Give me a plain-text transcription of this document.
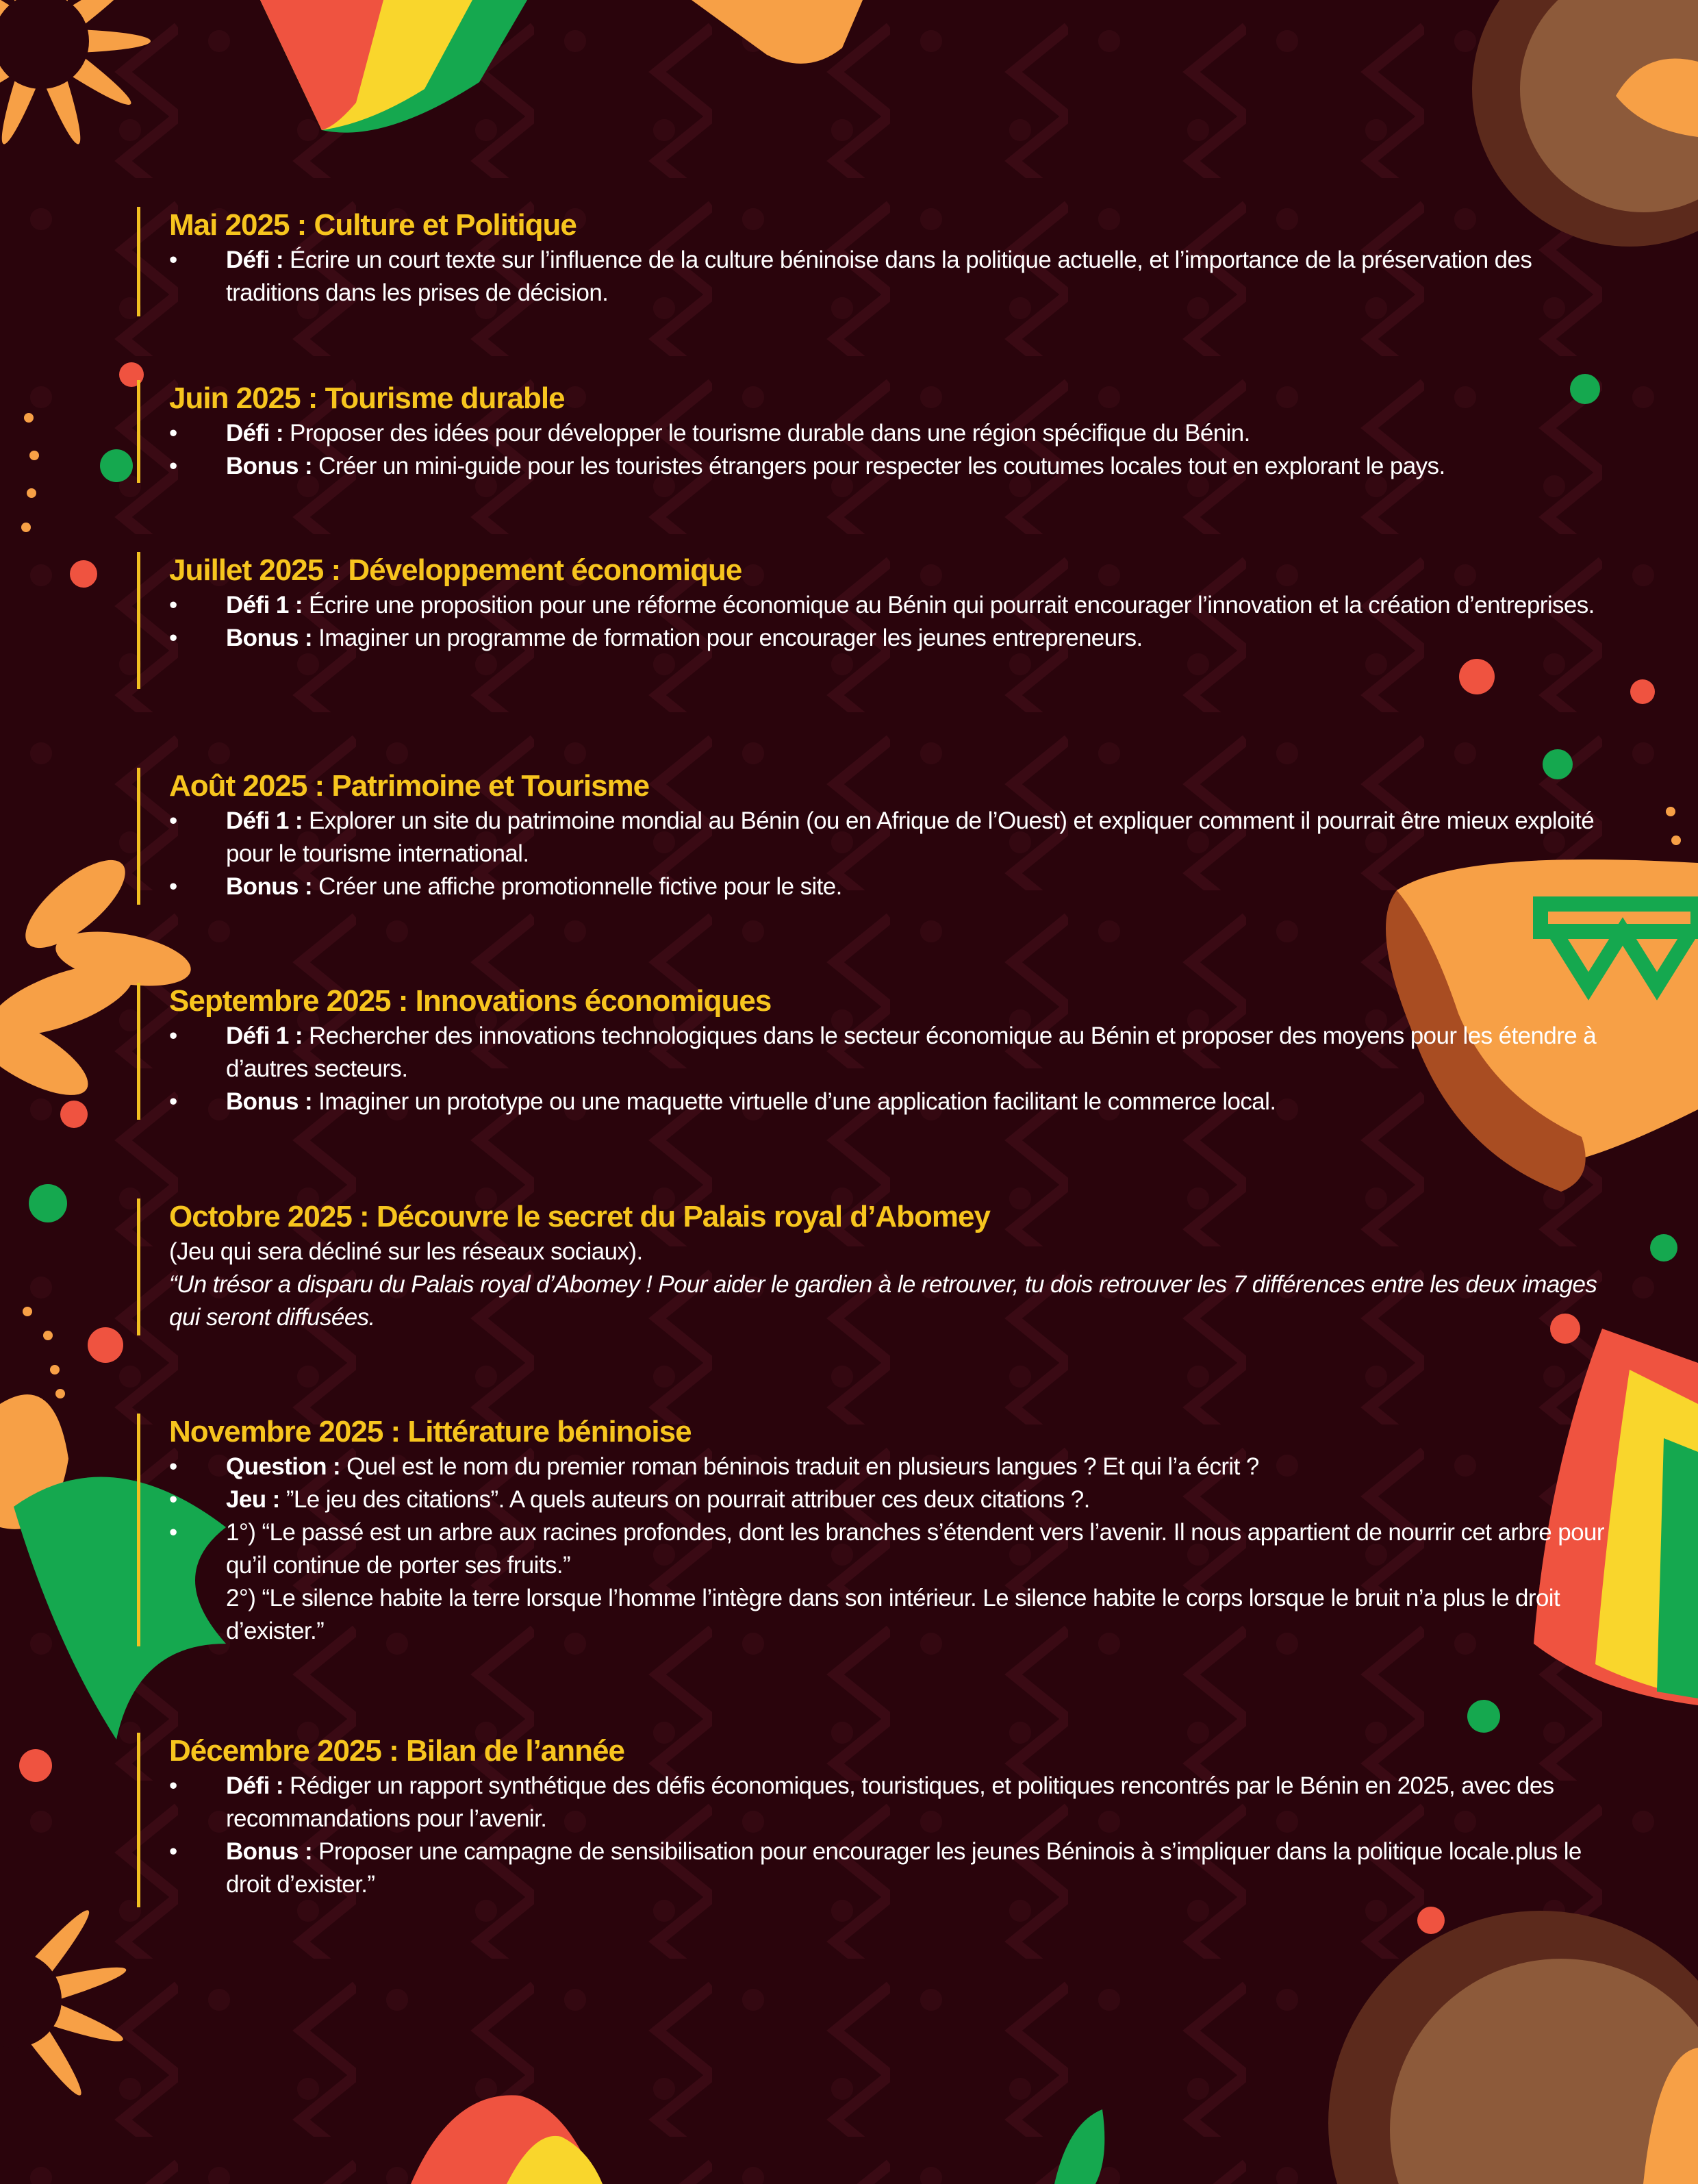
Mai 2025 : Culture et Politique
• Défi : Écrire un court texte sur l’influence de la culture béninoise dans la politique actuelle, et l’importance de la préservation des traditions dans les prises de décision.
Juin 2025 : Tourisme durable
• Défi : Proposer des idées pour développer le tourisme durable dans une région spécifique du Bénin.
• Bonus : Créer un mini-guide pour les touristes étrangers pour respecter les coutumes locales tout en explorant le pays.
Juillet 2025 : Développement économique
• Défi 1 : Écrire une proposition pour une réforme économique au Bénin qui pourrait encourager l’innovation et la création d’entreprises.
• Bonus : Imaginer un programme de formation pour encourager les jeunes entrepreneurs.
Août 2025 : Patrimoine et Tourisme
• Défi 1 : Explorer un site du patrimoine mondial au Bénin (ou en Afrique de l’Ouest) et expliquer comment il pourrait être mieux exploité pour le tourisme international.
• Bonus : Créer une affiche promotionnelle fictive pour le site.
Septembre 2025 : Innovations économiques
• Défi 1 : Rechercher des innovations technologiques dans le secteur économique au Bénin et proposer des moyens pour les étendre à d’autres secteurs.
• Bonus : Imaginer un prototype ou une maquette virtuelle d’une application facilitant le commerce local.
Octobre 2025 : Découvre le secret du Palais royal d’Abomey

(Jeu qui sera décliné sur les réseaux sociaux).

“Un trésor a disparu du Palais royal d’Abomey ! Pour aider le gardien à le retrouver, tu dois retrouver les 7 différences entre les deux images qui seront diffusées.

Novembre 2025 : Littérature béninoise
• Question : Quel est le nom du premier roman béninois traduit en plusieurs langues ? Et qui l’a écrit ?
• Jeu : ”Le jeu des citations”. A quels auteurs on pourrait attribuer ces deux citations ?.
• 1°) “Le passé est un arbre aux racines profondes, dont les branches s’étendent vers l’avenir. Il nous appartient de nourrir cet arbre pour qu’il continue de porter ses fruits.”
2°) “Le silence habite la terre lorsque l’homme l’intègre dans son intérieur. Le silence habite le corps lorsque le bruit n’a plus le droit d’exister.”
Décembre 2025 : Bilan de l’année
• Défi : Rédiger un rapport synthétique des défis économiques, touristiques, et politiques rencontrés par le Bénin en 2025, avec des recommandations pour l’avenir.
• Bonus : Proposer une campagne de sensibilisation pour encourager les jeunes Béninois à s’impliquer dans la politique locale.plus le droit d’exister.”
